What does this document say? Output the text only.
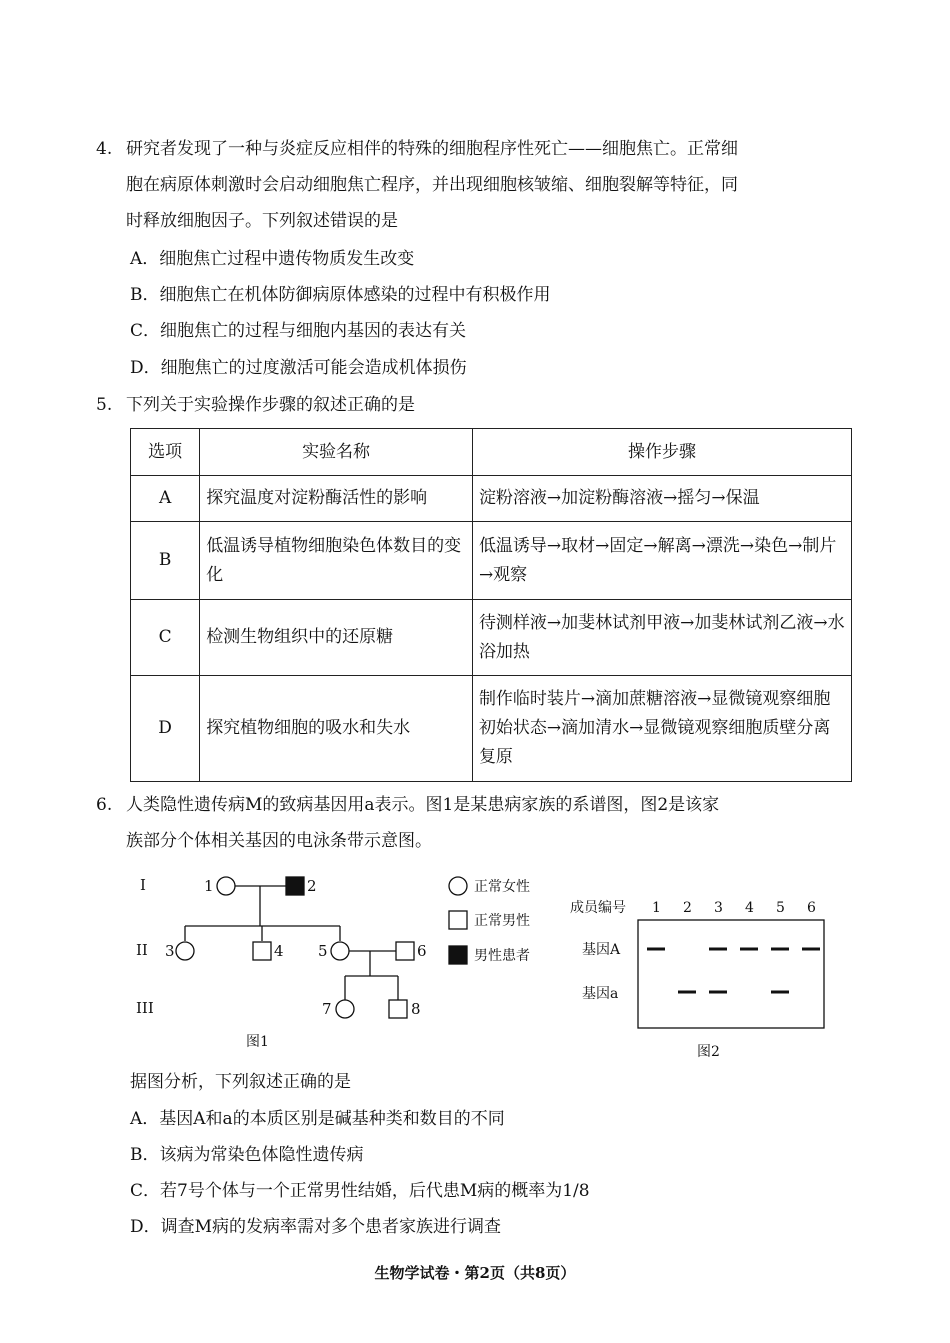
4. 研究者发现了一种与炎症反应相伴的特殊的细胞程序性死亡——细胞焦亡。正常细
胞在病原体刺激时会启动细胞焦亡程序，并出现细胞核皱缩、细胞裂解等特征，同
时释放细胞因子。下列叙述错误的是
A．细胞焦亡过程中遗传物质发生改变
B．细胞焦亡在机体防御病原体感染的过程中有积极作用
C．细胞焦亡的过程与细胞内基因的表达有关
D．细胞焦亡的过度激活可能会造成机体损伤
5. 下列关于实验操作步骤的叙述正确的是
选项	实验名称	操作步骤
A	探究温度对淀粉酶活性的影响	淀粉溶液→加淀粉酶溶液→摇匀→保温
B	低温诱导植物细胞染色体数目的变化	低温诱导→取材→固定→解离→漂洗→染色→制片→观察
C	检测生物组织中的还原糖	待测样液→加斐林试剂甲液→加斐林试剂乙液→水浴加热
D	探究植物细胞的吸水和失水	制作临时装片→滴加蔗糖溶液→显微镜观察细胞初始状态→滴加清水→显微镜观察细胞质壁分离复原
6. 人类隐性遗传病M的致病基因用a表示。图1是某患病家族的系谱图，图2是该家
族部分个体相关基因的电泳条带示意图。
I
II
III
1	2
3	4 5	6
7	8
图1
正常女性
正常男性
男性患者
成员编号
基因A
基因a
图2
1 2 3 4 5 6
据图分析，下列叙述正确的是
A．基因A和a的本质区别是碱基种类和数目的不同
B．该病为常染色体隐性遗传病
C．若7号个体与一个正常男性结婚，后代患M病的概率为1/8
D．调查M病的发病率需对多个患者家族进行调查
生物学试卷・第2页（共8页）
